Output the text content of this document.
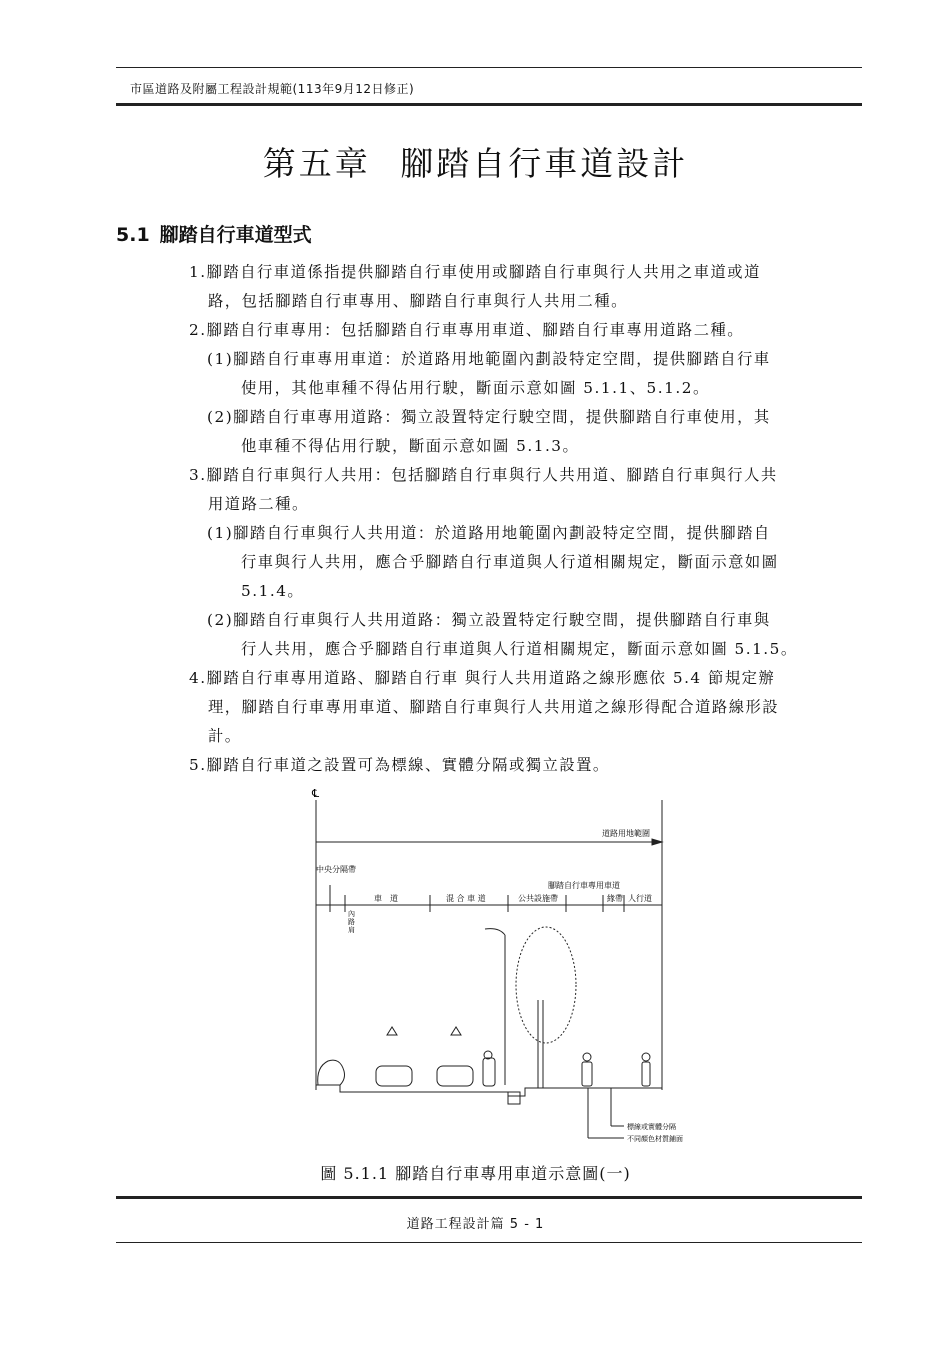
市區道路及附屬工程設計規範(113年9月12日修正)
第五章 腳踏自行車道設計
5.1 腳踏自行車道型式
1.腳踏自行車道係指提供腳踏自行車使用或腳踏自行車與行人共用之車道或道
路，包括腳踏自行車專用、腳踏自行車與行人共用二種。
2.腳踏自行車專用：包括腳踏自行車專用車道、腳踏自行車專用道路二種。
(1)腳踏自行車專用車道：於道路用地範圍內劃設特定空間，提供腳踏自行車
使用，其他車種不得佔用行駛，斷面示意如圖 5.1.1、5.1.2。
(2)腳踏自行車專用道路：獨立設置特定行駛空間，提供腳踏自行車使用，其
他車種不得佔用行駛，斷面示意如圖 5.1.3。
3.腳踏自行車與行人共用：包括腳踏自行車與行人共用道、腳踏自行車與行人共
用道路二種。
(1)腳踏自行車與行人共用道：於道路用地範圍內劃設特定空間，提供腳踏自
行車與行人共用，應合乎腳踏自行車道與人行道相關規定，斷面示意如圖
5.1.4。
(2)腳踏自行車與行人共用道路：獨立設置特定行駛空間，提供腳踏自行車與
行人共用，應合乎腳踏自行車道與人行道相關規定，斷面示意如圖 5.1.5。
4.腳踏自行車專用道路、腳踏自行車 與行人共用道路之線形應依 5.4 節規定辦
理，腳踏自行車專用車道、腳踏自行車與行人共用道之線形得配合道路線形設
計。
5.腳踏自行車道之設置可為標線、實體分隔或獨立設置。
℄
道路用地範圍
中央分隔帶
車　道	混 合 車 道	公共設施帶
腳踏自行車專用車道
緣帶 人行道
內路肩
標線或實體分隔
不同顏色材質鋪面
圖 5.1.1 腳踏自行車專用車道示意圖(一)
道路工程設計篇 5 - 1
